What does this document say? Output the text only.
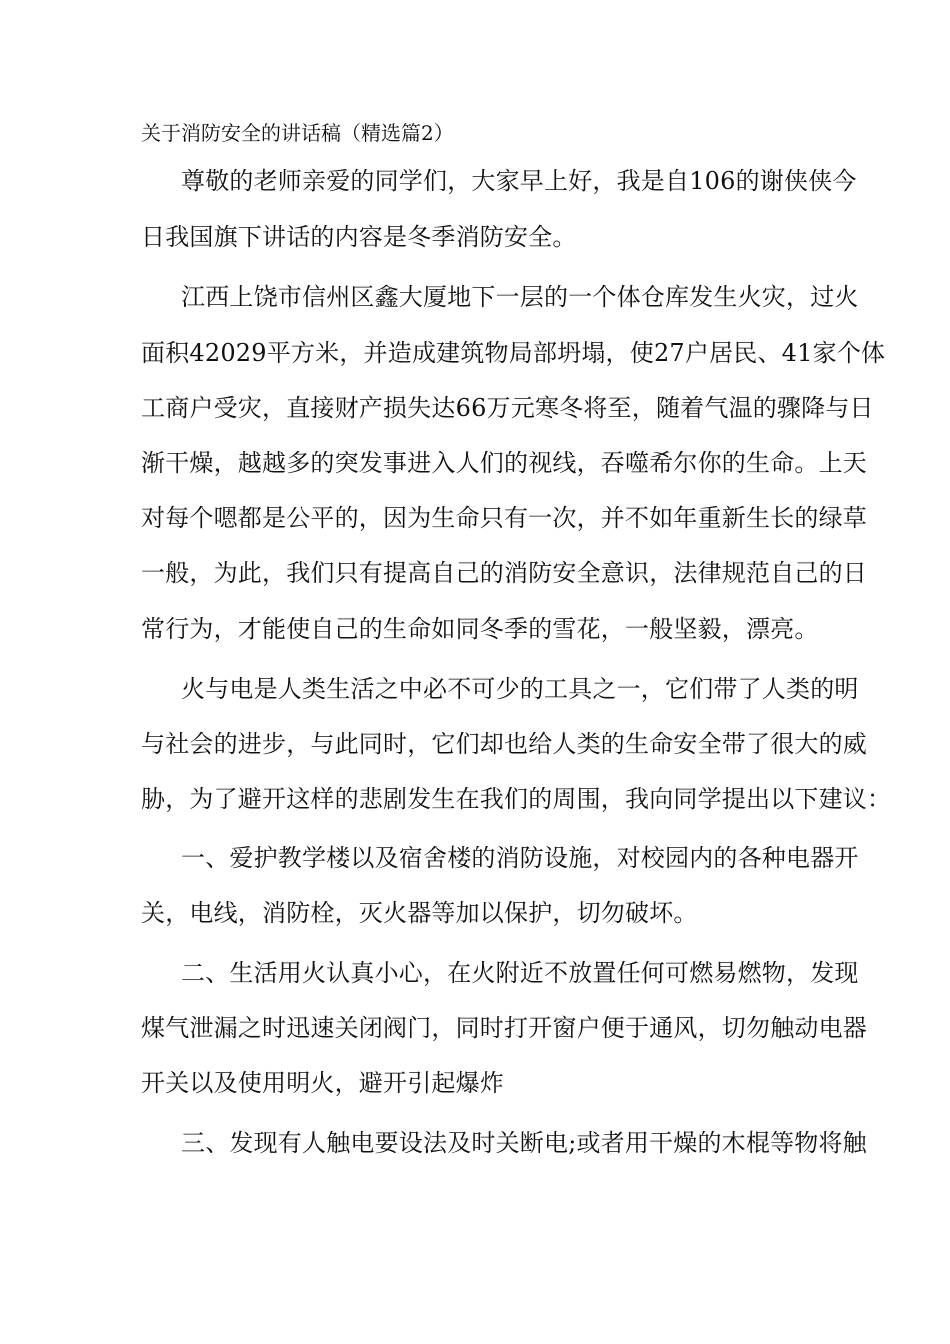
关于消防安全的讲话稿（精选篇2）
尊敬的老师亲爱的同学们，大家早上好，我是自106的谢侠侠今
日我国旗下讲话的内容是冬季消防安全。
江西上饶市信州区鑫大厦地下一层的一个体仓库发生火灾，过火
面积42029平方米，并造成建筑物局部坍塌，使27户居民、41家个体
工商户受灾，直接财产损失达66万元寒冬将至，随着气温的骤降与日
渐干燥，越越多的突发事进入人们的视线，吞噬希尔你的生命。上天
对每个嗯都是公平的，因为生命只有一次，并不如年重新生长的绿草
一般，为此，我们只有提高自己的消防安全意识，法律规范自己的日
常行为，才能使自己的生命如同冬季的雪花，一般坚毅，漂亮。
火与电是人类生活之中必不可少的工具之一，它们带了人类的明
与社会的进步，与此同时，它们却也给人类的生命安全带了很大的威
胁，为了避开这样的悲剧发生在我们的周围，我向同学提出以下建议：
一、爱护教学楼以及宿舍楼的消防设施，对校园内的各种电器开
关，电线，消防栓，灭火器等加以保护，切勿破坏。
二、生活用火认真小心，在火附近不放置任何可燃易燃物，发现
煤气泄漏之时迅速关闭阀门，同时打开窗户便于通风，切勿触动电器
开关以及使用明火，避开引起爆炸
三、发现有人触电要设法及时关断电;或者用干燥的木棍等物将触
